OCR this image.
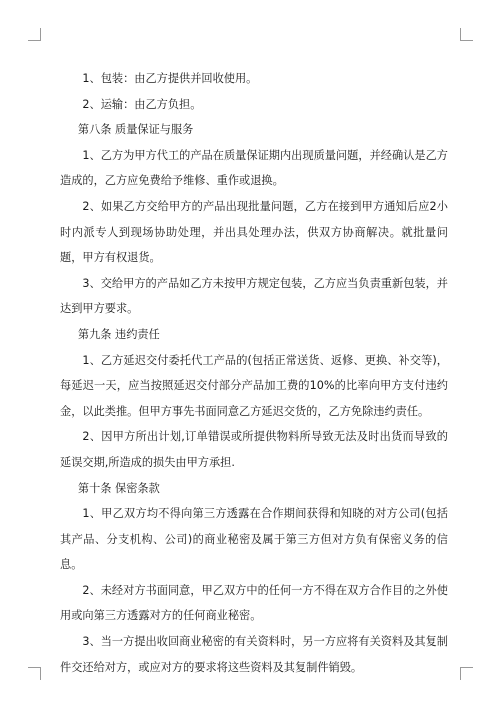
1、包装：由乙方提供并回收使用。

2、运输：由乙方负担。

第八条 质量保证与服务

1、乙方为甲方代工的产品在质量保证期内出现质量问题，并经确认是乙方造成的，乙方应免费给予维修、重作或退换。

2、如果乙方交给甲方的产品出现批量问题，乙方在接到甲方通知后应2小时内派专人到现场协助处理，并出具处理办法，供双方协商解决。就批量问题，甲方有权退货。

3、交给甲方的产品如乙方未按甲方规定包装，乙方应当负责重新包装，并达到甲方要求。

第九条 违约责任

1、乙方延迟交付委托代工产品的(包括正常送货、返修、更换、补交等)，每延迟一天，应当按照延迟交付部分产品加工费的10%的比率向甲方支付违约金，以此类推。但甲方事先书面同意乙方延迟交货的，乙方免除违约责任。

2、因甲方所出计划,订单错误或所提供物料所导致无法及时出货而导致的延误交期,所造成的损失由甲方承担.

第十条 保密条款

1、甲乙双方均不得向第三方透露在合作期间获得和知晓的对方公司(包括其产品、分支机构、公司)的商业秘密及属于第三方但对方负有保密义务的信息。

2、未经对方书面同意，甲乙双方中的任何一方不得在双方合作目的之外使用或向第三方透露对方的任何商业秘密。

3、当一方提出收回商业秘密的有关资料时，另一方应将有关资料及其复制件交还给对方，或应对方的要求将这些资料及其复制件销毁。
